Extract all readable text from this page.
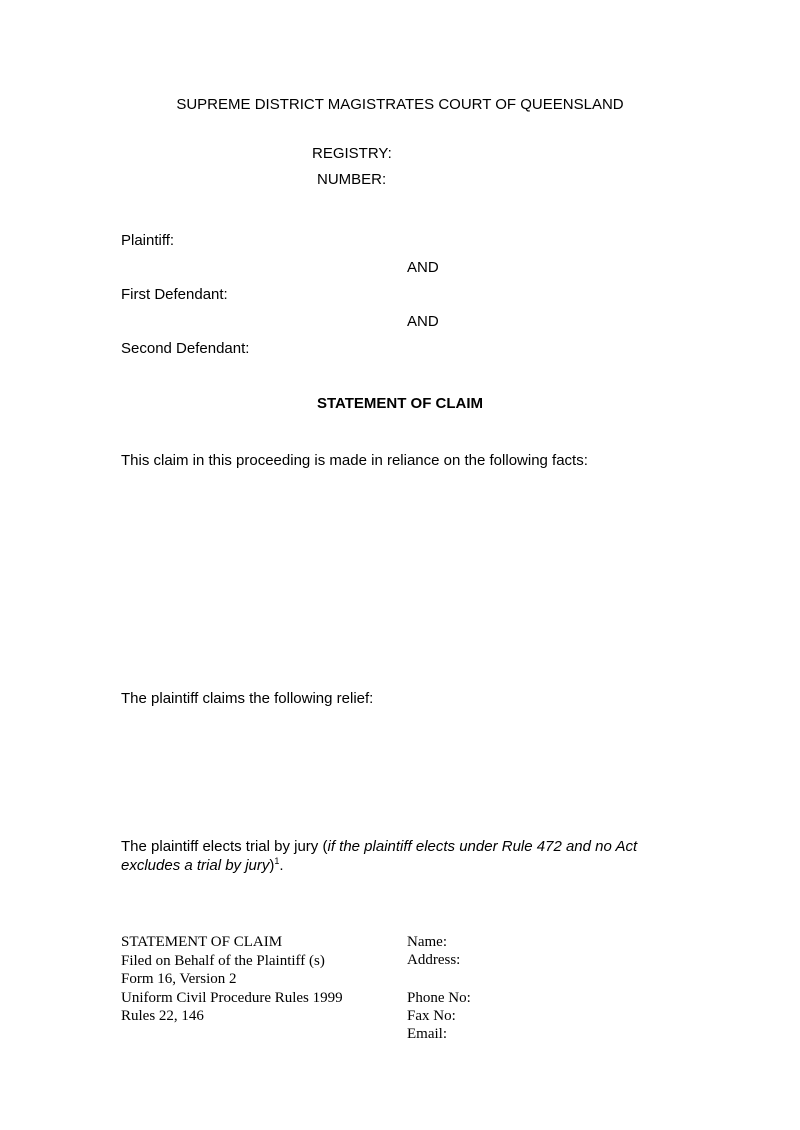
SUPREME DISTRICT MAGISTRATES COURT OF QUEENSLAND
REGISTRY:
NUMBER:
Plaintiff:
AND
First Defendant:
AND
Second Defendant:
STATEMENT OF CLAIM
This claim in this proceeding is made in reliance on the following facts:
The plaintiff claims the following relief:
The plaintiff elects trial by jury (if the plaintiff elects under Rule 472 and no Act excludes a trial by jury)$^1$.
STATEMENT OF CLAIM
Filed on Behalf of the Plaintiff (s)
Form 16, Version 2
Uniform Civil Procedure Rules 1999
Rules 22, 146
Name:
Address:
Phone No:
Fax No:
Email:
